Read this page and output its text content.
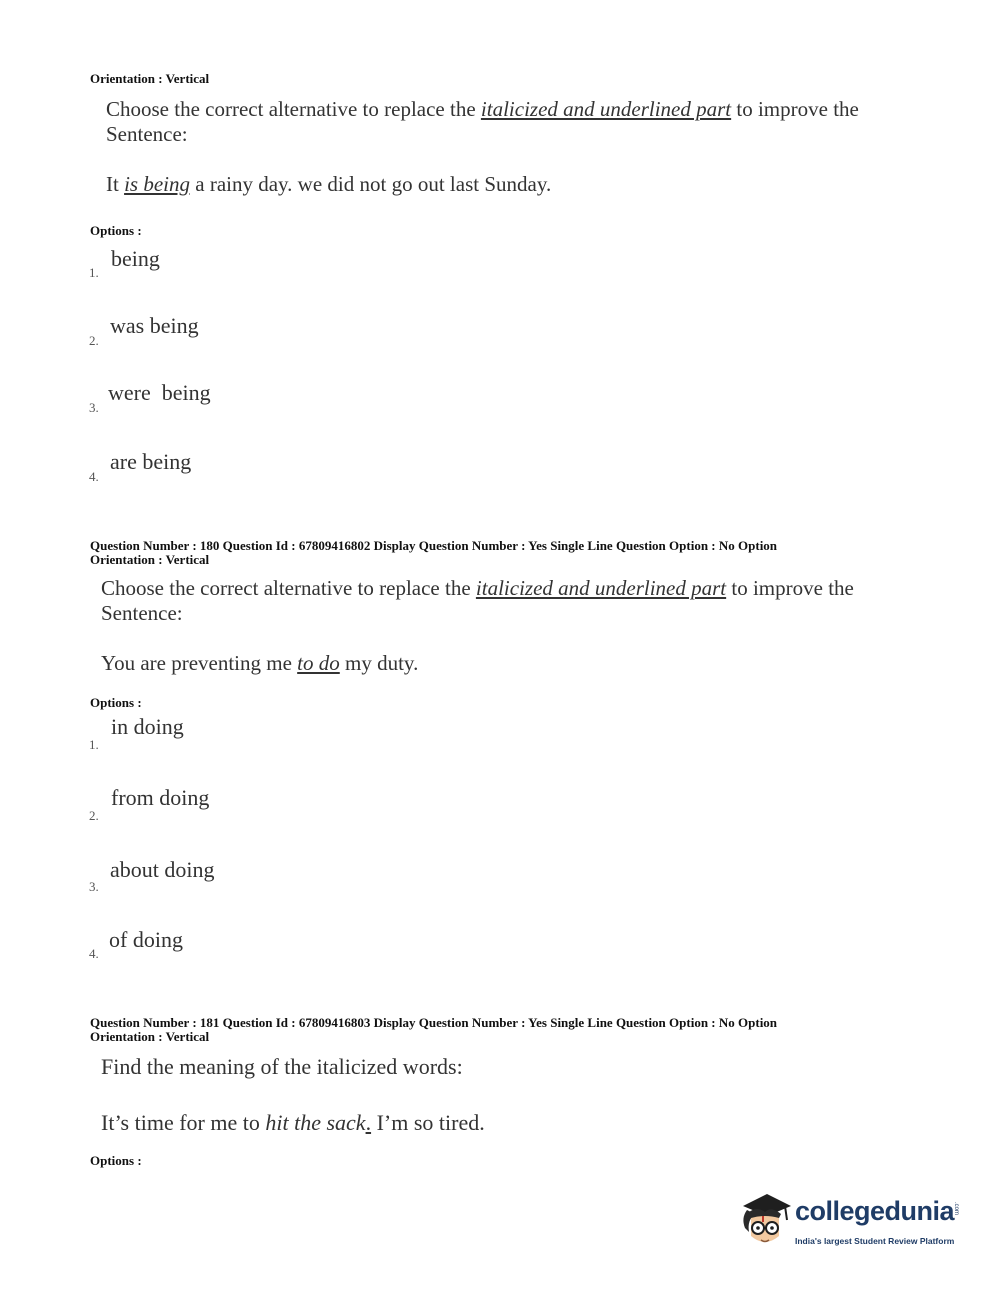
Orientation : Vertical
Choose the correct alternative to replace the italicized and underlined part to improve the
Sentence:
It is being a rainy day. we did not go out last Sunday.
Options :
1.
being
2.
was being
3.
were  being
4.
are being
Question Number : 180 Question Id : 67809416802 Display Question Number : Yes Single Line Question Option : No Option
Orientation : Vertical
Choose the correct alternative to replace the italicized and underlined part to improve the
Sentence:
You are preventing me to do my duty.
Options :
1.
in doing
2.
from doing
3.
about doing
4.
of doing
Question Number : 181 Question Id : 67809416803 Display Question Number : Yes Single Line Question Option : No Option
Orientation : Vertical
Find the meaning of the italicized words:
It’s time for me to hit the sack. I’m so tired.
Options :
collegedunia
.com
India's largest Student Review Platform
